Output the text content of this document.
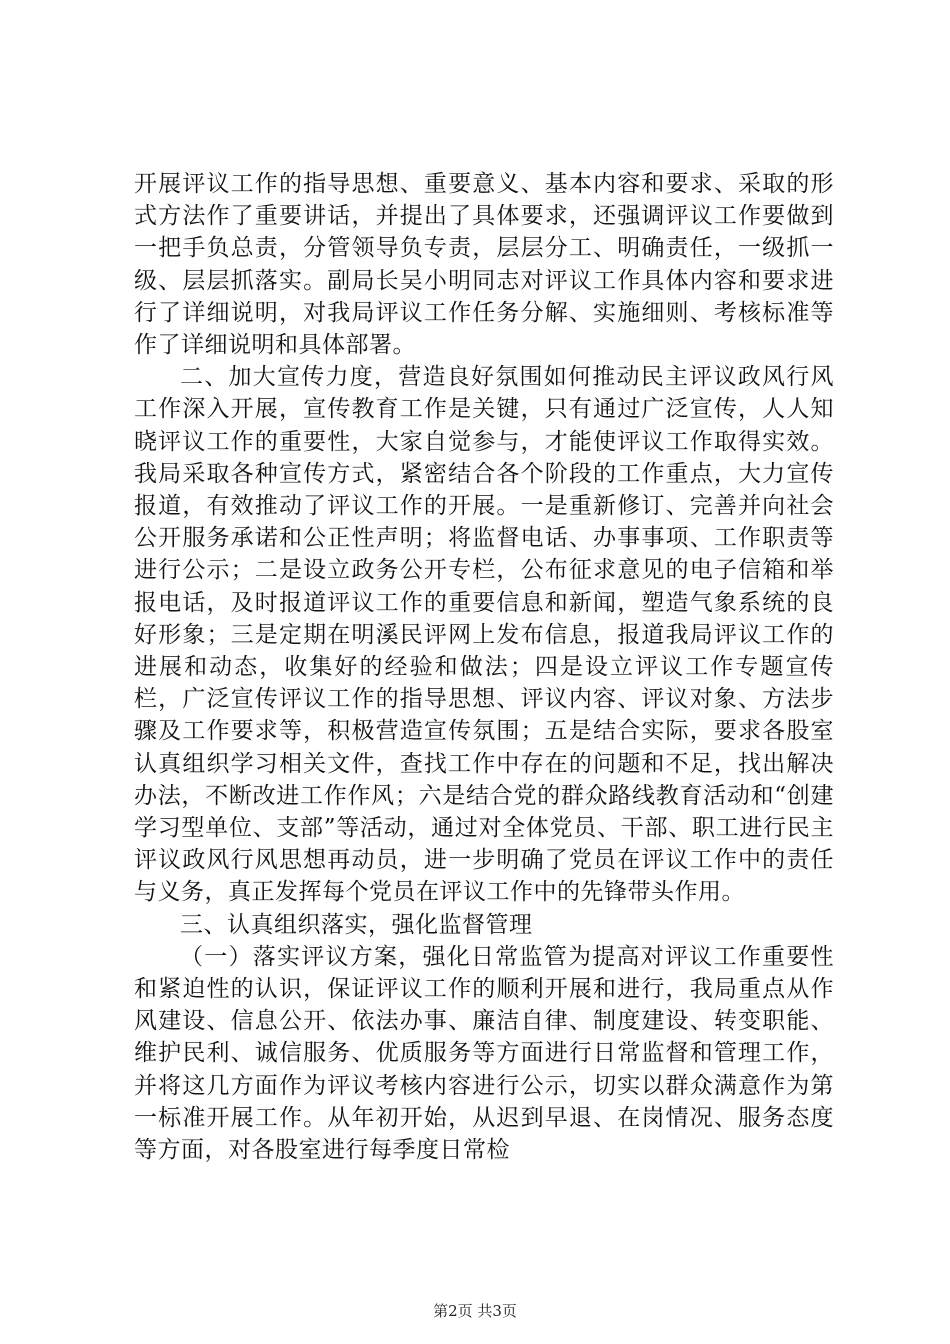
开展评议工作的指导思想、重要意义、基本内容和要求、采取的形式方法作了重要讲话，并提出了具体要求，还强调评议工作要做到一把手负总责，分管领导负专责，层层分工、明确责任，一级抓一级、层层抓落实。副局长吴小明同志对评议工作具体内容和要求进行了详细说明，对我局评议工作任务分解、实施细则、考核标准等作了详细说明和具体部署。

二、加大宣传力度，营造良好氛围如何推动民主评议政风行风工作深入开展，宣传教育工作是关键，只有通过广泛宣传，人人知晓评议工作的重要性，大家自觉参与，才能使评议工作取得实效。我局采取各种宣传方式，紧密结合各个阶段的工作重点，大力宣传报道，有效推动了评议工作的开展。一是重新修订、完善并向社会公开服务承诺和公正性声明；将监督电话、办事事项、工作职责等进行公示；二是设立政务公开专栏，公布征求意见的电子信箱和举报电话，及时报道评议工作的重要信息和新闻，塑造气象系统的良好形象；三是定期在明溪民评网上发布信息，报道我局评议工作的进展和动态，收集好的经验和做法；四是设立评议工作专题宣传栏，广泛宣传评议工作的指导思想、评议内容、评议对象、方法步骤及工作要求等，积极营造宣传氛围；五是结合实际，要求各股室认真组织学习相关文件，查找工作中存在的问题和不足，找出解决办法，不断改进工作作风；六是结合党的群众路线教育活动和“创建学习型单位、支部”等活动，通过对全体党员、干部、职工进行民主评议政风行风思想再动员，进一步明确了党员在评议工作中的责任与义务，真正发挥每个党员在评议工作中的先锋带头作用。

三、认真组织落实，强化监督管理

（一）落实评议方案，强化日常监管为提高对评议工作重要性和紧迫性的认识，保证评议工作的顺利开展和进行，我局重点从作风建设、信息公开、依法办事、廉洁自律、制度建设、转变职能、维护民利、诚信服务、优质服务等方面进行日常监督和管理工作，并将这几方面作为评议考核内容进行公示，切实以群众满意作为第一标准开展工作。从年初开始，从迟到早退、在岗情况、服务态度等方面，对各股室进行每季度日常检

第2页 共3页
